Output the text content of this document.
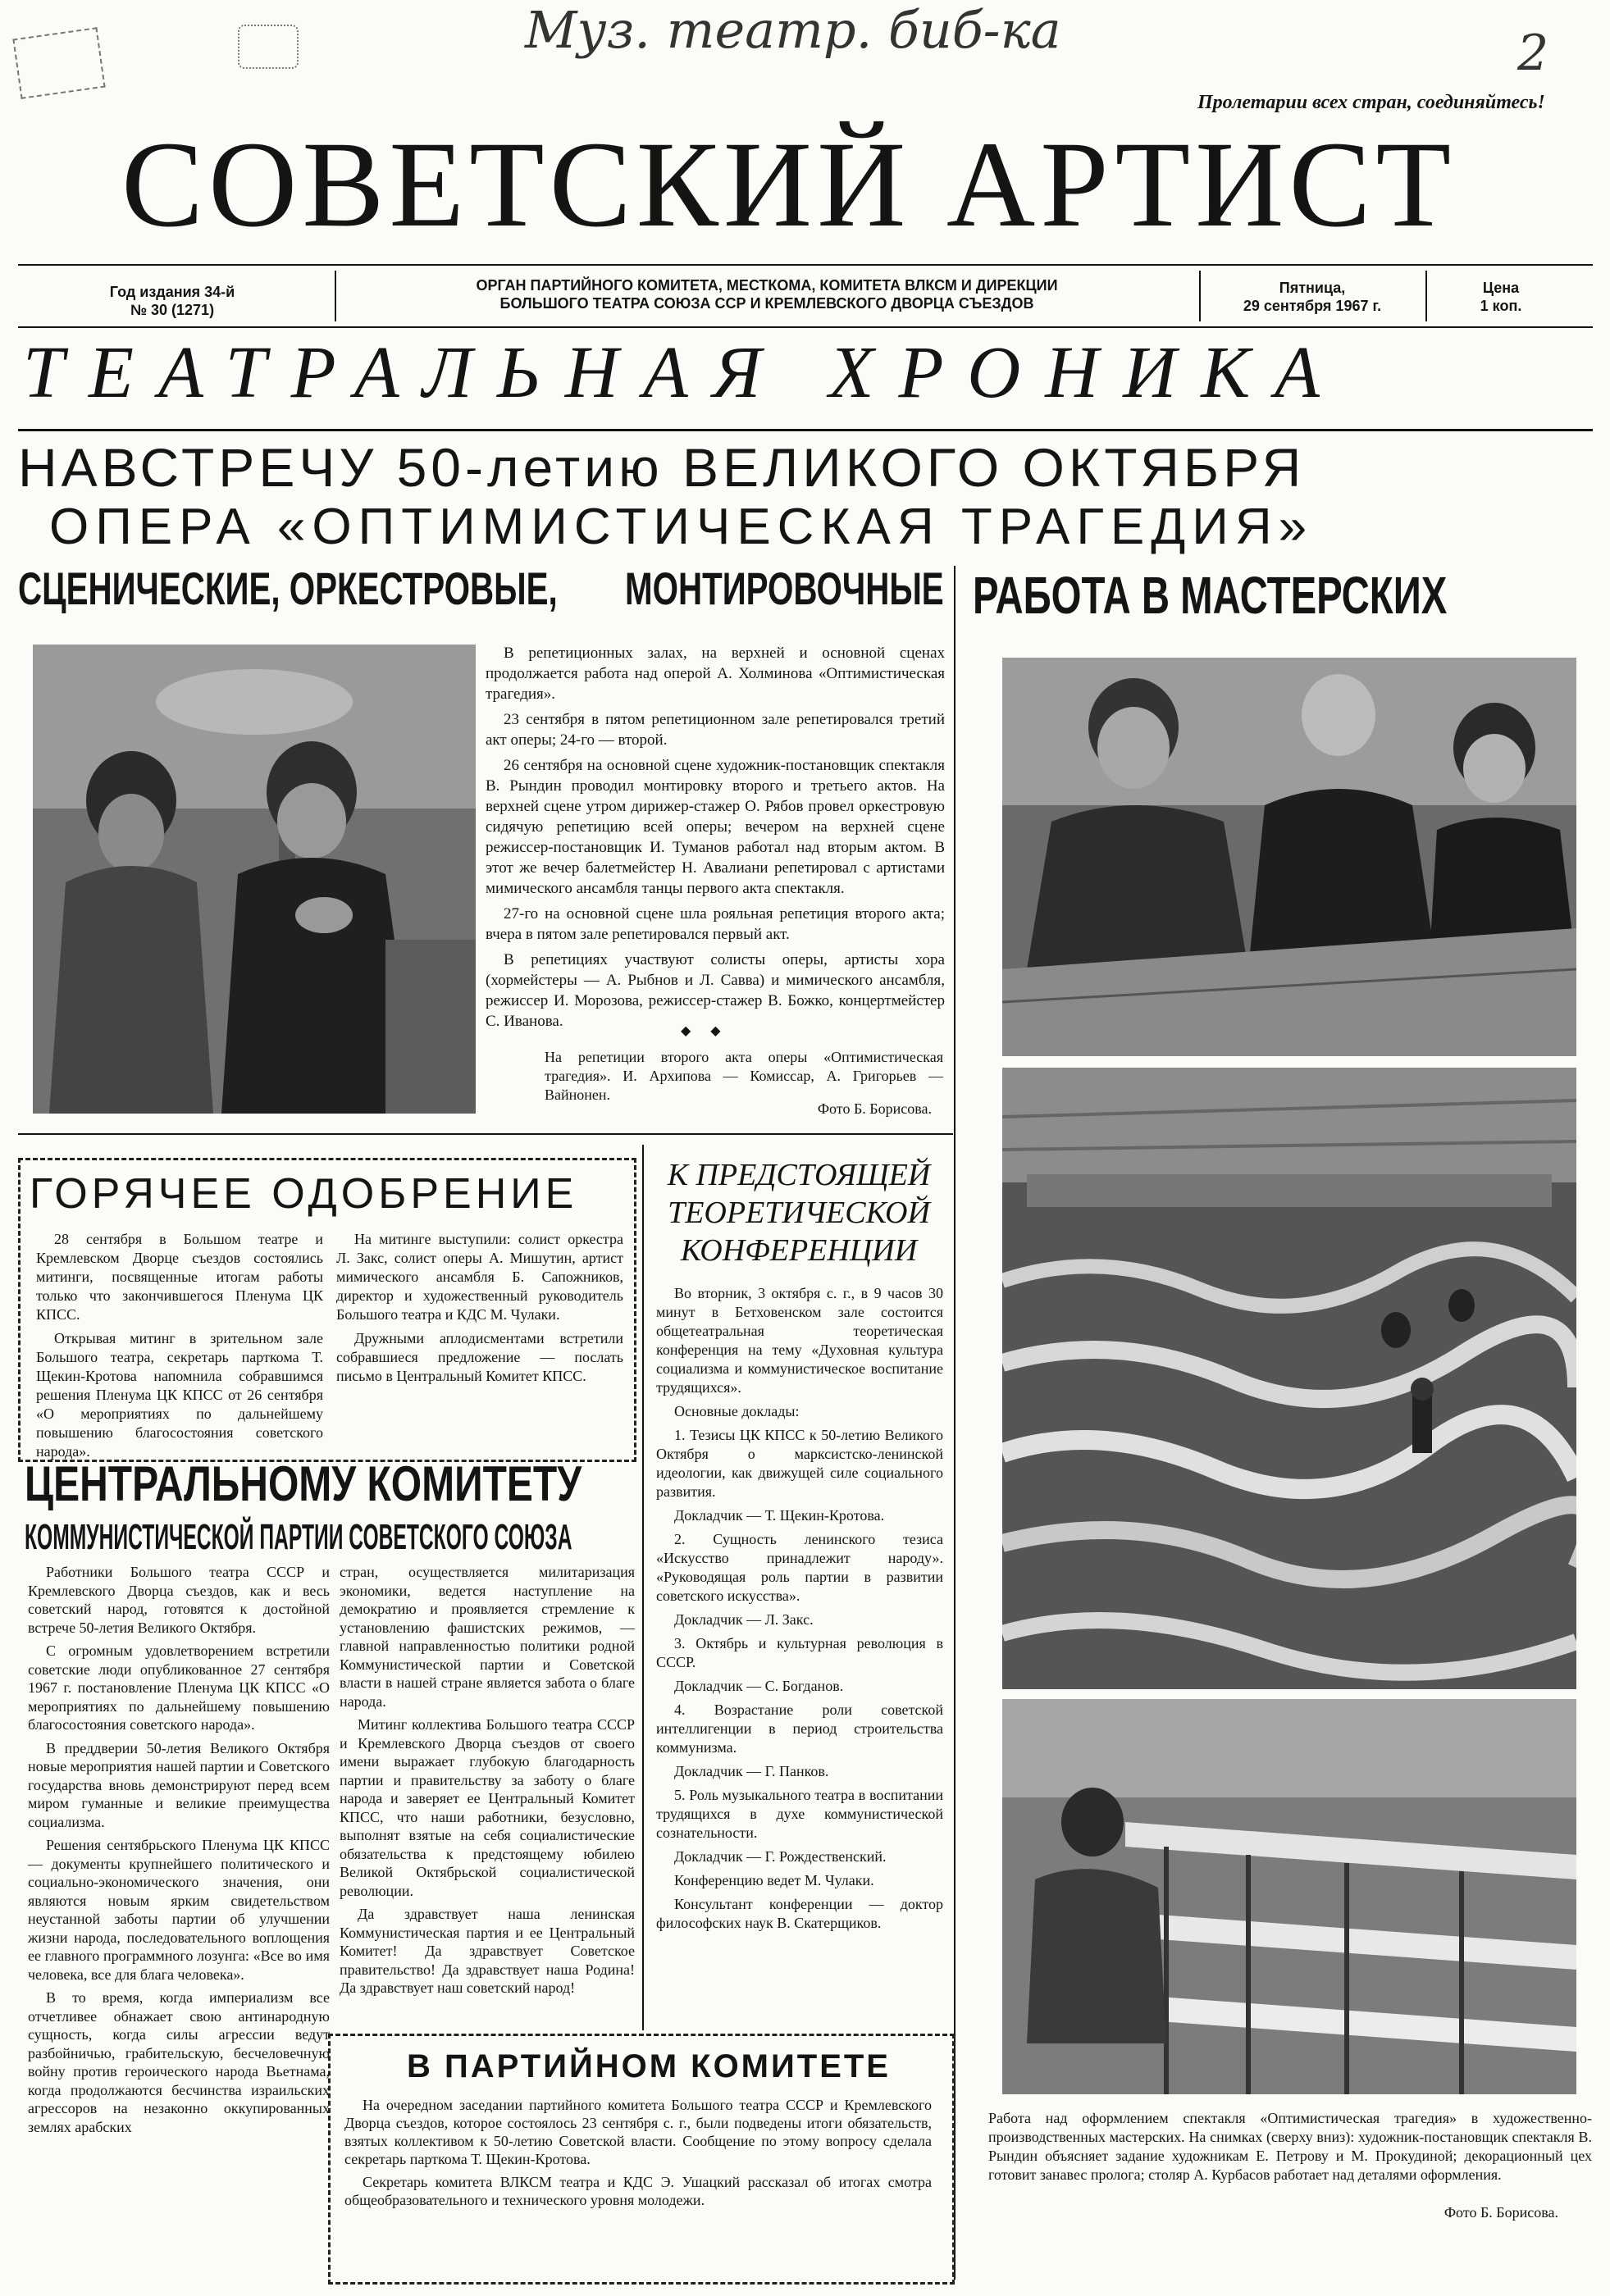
Муз. театр. биб-ка	2
Пролетарии всех стран, соединяйтесь!
СОВЕТСКИЙ АРТИСТ
Год издания 34-й
№ 30 (1271)
ОРГАН ПАРТИЙНОГО КОМИТЕТА, МЕСТКОМА, КОМИТЕТА ВЛКСМ И ДИРЕКЦИИ
БОЛЬШОГО ТЕАТРА СОЮЗА ССР И КРЕМЛЕВСКОГО ДВОРЦА СЪЕЗДОВ
Пятница,
29 сентября 1967 г.
Цена
1 коп.
ТЕАТРАЛЬНАЯ ХРОНИКА
НАВСТРЕЧУ 50-летию ВЕЛИКОГО ОКТЯБРЯ
ОПЕРА «ОПТИМИСТИЧЕСКАЯ ТРАГЕДИЯ»
СЦЕНИЧЕСКИЕ, ОРКЕСТРОВЫЕ, МОНТИРОВОЧНЫЕ

В репетиционных залах, на верхней и основной сценах продолжается работа над оперой А. Холминова «Оптимистическая трагедия».

23 сентября в пятом репетиционном зале репетировался третий акт оперы; 24-го — второй.

26 сентября на основной сцене художник-постановщик спектакля В. Рындин проводил монтировку второго и третьего актов. На верхней сцене утром дирижер-стажер О. Рябов провел оркестровую сидячую репетицию всей оперы; вечером на верхней сцене режиссер-постановщик И. Туманов работал над вторым актом. В этот же вечер балетмейстер Н. Авалиани репетировал с артистами мимического ансамбля танцы первого акта спектакля.

27-го на основной сцене шла рояльная репетиция второго акта; вчера в пятом зале репетировался первый акт.

В репетициях участвуют солисты оперы, артисты хора (хормейстеры — А. Рыбнов и Л. Савва) и мимического ансамбля, режиссер И. Морозова, режиссер-стажер В. Божко, концертмейстер С. Иванова.

◆      ◆
На репетиции второго акта оперы «Оптимистическая трагедия». И. Архипова — Комиссар, А. Григорьев — Вайнонен.
Фото Б. Борисова.
РАБОТА В МАСТЕРСКИХ
Работа над оформлением спектакля «Оптимистическая трагедия» в художественно-производственных мастерских. На снимках (сверху вниз): художник-постановщик спектакля В. Рындин объясняет задание художникам Е. Петрову и М. Прокудиной; декорационный цех готовит занавес пролога; столяр А. Курбасов работает над деталями оформления.
Фото Б. Борисова.
ГОРЯЧЕЕ ОДОБРЕНИЕ

28 сентября в Большом театре и Кремлевском Дворце съездов состоялись митинги, посвященные итогам работы только что закончившегося Пленума ЦК КПСС.

Открывая митинг в зрительном зале Большого театра, секретарь парткома Т. Щекин-Кротова напомнила собравшимся решения Пленума ЦК КПСС от 26 сентября «О мероприятиях по дальнейшему повышению благосостояния советского народа».

На митинге выступили: солист оркестра Л. Закс, солист оперы А. Мишутин, артист мимического ансамбля Б. Сапожников, директор и художественный руководитель Большого театра и КДС М. Чулаки.

Дружными аплодисментами встретили собравшиеся предложение — послать письмо в Центральный Комитет КПСС.

ЦЕНТРАЛЬНОМУ КОМИТЕТУ
КОММУНИСТИЧЕСКОЙ ПАРТИИ СОВЕТСКОГО СОЮЗА

Работники Большого театра СССР и Кремлевского Дворца съездов, как и весь советский народ, готовятся к достойной встрече 50-летия Великого Октября.

С огромным удовлетворением встретили советские люди опубликованное 27 сентября 1967 г. постановление Пленума ЦК КПСС «О мероприятиях по дальнейшему повышению благосостояния советского народа».

В преддверии 50-летия Великого Октября новые мероприятия нашей партии и Советского государства вновь демонстрируют перед всем миром гуманные и великие преимущества социализма.

Решения сентябрьского Пленума ЦК КПСС — документы крупнейшего политического и социально-экономического значения, они являются новым ярким свидетельством неустанной заботы партии об улучшении жизни народа, последовательного воплощения ее главного программного лозунга: «Все во имя человека, все для блага человека».

В то время, когда империализм все отчетливее обнажает свою антинародную сущность, когда силы агрессии ведут разбойничью, грабительскую, бесчеловечную войну против героического народа Вьетнама, когда продолжаются бесчинства израильских агрессоров на незаконно оккупированных землях арабских

стран, осуществляется милитаризация экономики, ведется наступление на демократию и проявляется стремление к установлению фашистских режимов, — главной направленностью политики родной Коммунистической партии и Советской власти в нашей стране является забота о благе народа.

Митинг коллектива Большого театра СССР и Кремлевского Дворца съездов от своего имени выражает глубокую благодарность партии и правительству за заботу о благе народа и заверяет ее Центральный Комитет КПСС, что наши работники, безусловно, выполнят взятые на себя социалистические обязательства к предстоящему юбилею Великой Октябрьской социалистической революции.

Да здравствует наша ленинская Коммунистическая партия и ее Центральный Комитет! Да здравствует Советское правительство! Да здравствует наша Родина! Да здравствует наш советский народ!

К ПРЕДСТОЯЩЕЙ ТЕОРЕТИЧЕСКОЙ КОНФЕРЕНЦИИ

Во вторник, 3 октября с. г., в 9 часов 30 минут в Бетховенском зале состоится общетеатральная теоретическая конференция на тему «Духовная культура социализма и коммунистическое воспитание трудящихся».

Основные доклады:

1. Тезисы ЦК КПСС к 50-летию Великого Октября о марксистско-ленинской идеологии, как движущей силе социального развития.

Докладчик — Т. Щекин-Кротова.

2. Сущность ленинского тезиса «Искусство принадлежит народу». «Руководящая роль партии в развитии советского искусства».

Докладчик — Л. Закс.

3. Октябрь и культурная революция в СССР.

Докладчик — С. Богданов.

4. Возрастание роли советской интеллигенции в период строительства коммунизма.

Докладчик — Г. Панков.

5. Роль музыкального театра в воспитании трудящихся в духе коммунистической сознательности.

Докладчик — Г. Рождественский.

Конференцию ведет М. Чулаки.

Консультант конференции — доктор философских наук В. Скатерщиков.

В ПАРТИЙНОМ КОМИТЕТЕ

На очередном заседании партийного комитета Большого театра СССР и Кремлевского Дворца съездов, которое состоялось 23 сентября с. г., были подведены итоги обязательств, взятых коллективом к 50-летию Советской власти. Сообщение по этому вопросу сделала секретарь парткома Т. Щекин-Кротова.

Секретарь комитета ВЛКСМ театра и КДС Э. Ушацкий рассказал об итогах смотра общеобразовательного и технического уровня молодежи.
